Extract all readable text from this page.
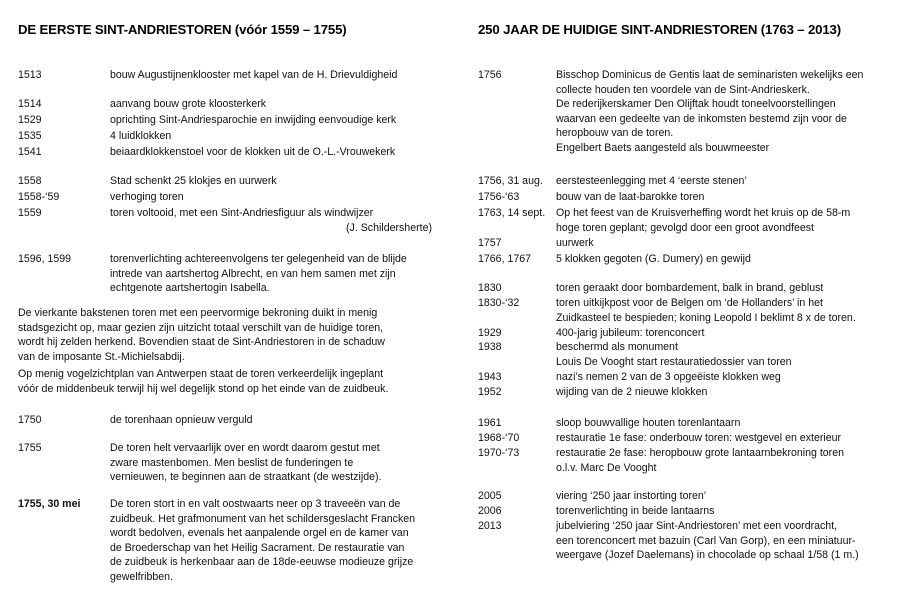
DE EERSTE SINT-ANDRIESTOREN (vóór 1559 – 1755)
1513	bouw Augustijnenklooster met kapel van de H. Drievuldigheid
1514	aanvang bouw grote kloosterkerk
1529	oprichting Sint-Andriesparochie en inwijding eenvoudige kerk
1535	4 luidklokken
1541	beiaardklokkenstoel voor de klokken uit de O.-L.-Vrouwekerk
1558	Stad schenkt 25 klokjes en uurwerk
1558-‘59	verhoging toren
1559	toren voltooid, met een Sint-Andriesfiguur als windwijzer
(J. Schildersherte)
1596, 1599	torenverlichting achtereenvolgens ter gelegenheid van de blijde
intrede van aartshertog Albrecht, en van hem samen met zijn
echtgenote aartshertogin Isabella.
De vierkante bakstenen toren met een peervormige bekroning duikt in menig
stadsgezicht op, maar gezien zijn uitzicht totaal verschilt van de huidige toren,
wordt hij zelden herkend. Bovendien staat de Sint-Andriestoren in de schaduw
van de imposante St.-Michielsabdij.
Op menig vogelzichtplan van Antwerpen staat de toren verkeerdelijk ingeplant
vóór de middenbeuk terwijl hij wel degelijk stond op het einde van de zuidbeuk.
1750	de torenhaan opnieuw verguld
1755	De toren helt vervaarlijk over en wordt daarom gestut met
zware mastenbomen. Men beslist de funderingen te
vernieuwen, te beginnen aan de straatkant (de westzijde).
1755, 30 mei	De toren stort in en valt oostwaarts neer op 3 traveeën van de
zuidbeuk. Het grafmonument van het schildersgeslacht Francken
wordt bedolven, evenals het aanpalende orgel en de kamer van
de Broederschap van het Heilig Sacrament. De restauratie van
de zuidbeuk is herkenbaar aan de 18de-eeuwse modieuze grijze
gewelfribben.
250 JAAR DE HUIDIGE SINT-ANDRIESTOREN (1763 – 2013)
1756	Bisschop Dominicus de Gentis laat de seminaristen wekelijks een
collecte houden ten voordele van de Sint-Andrieskerk.
De rederijkerskamer Den Olijftak houdt toneelvoorstellingen
waarvan een gedeelte van de inkomsten bestemd zijn voor de
heropbouw van de toren.
Engelbert Baets aangesteld als bouwmeester
1756, 31 aug. eerstesteenlegging met 4 ‘eerste stenen’
1756-‘63	bouw van de laat-barokke toren
1763, 14 sept. Op het feest van de Kruisverheffing wordt het kruis op de 58-m
hoge toren geplant; gevolgd door een groot avondfeest
1757	uurwerk
1766, 1767 5 klokken gegoten (G. Dumery) en gewijd
1830	toren geraakt door bombardement, balk in brand, geblust
1830-‘32	toren uitkijkpost voor de Belgen om ‘de Hollanders’ in het
Zuidkasteel te bespieden; koning Leopold I beklimt 8 x de toren.
1929	400-jarig jubileum: torenconcert
1938	beschermd als monument
Louis De Vooght start restauratiedossier van toren
1943	nazi’s nemen 2 van de 3 opgeëiste klokken weg
1952	wijding van de 2 nieuwe klokken
1961	sloop bouwvallige houten torenlantaarn
1968-‘70	restauratie 1e fase: onderbouw toren: westgevel en exterieur
1970-‘73	restauratie 2e fase: heropbouw grote lantaarnbekroning toren
o.l.v. Marc De Vooght
2005	viering ‘250 jaar instorting toren’
2006	torenverlichting in beide lantaarns
2013	jubelviering ‘250 jaar Sint-Andriestoren’ met een voordracht,
een torenconcert met bazuin (Carl Van Gorp), en een miniatuur-
weergave (Jozef Daelemans) in chocolade op schaal 1/58 (1 m.)
